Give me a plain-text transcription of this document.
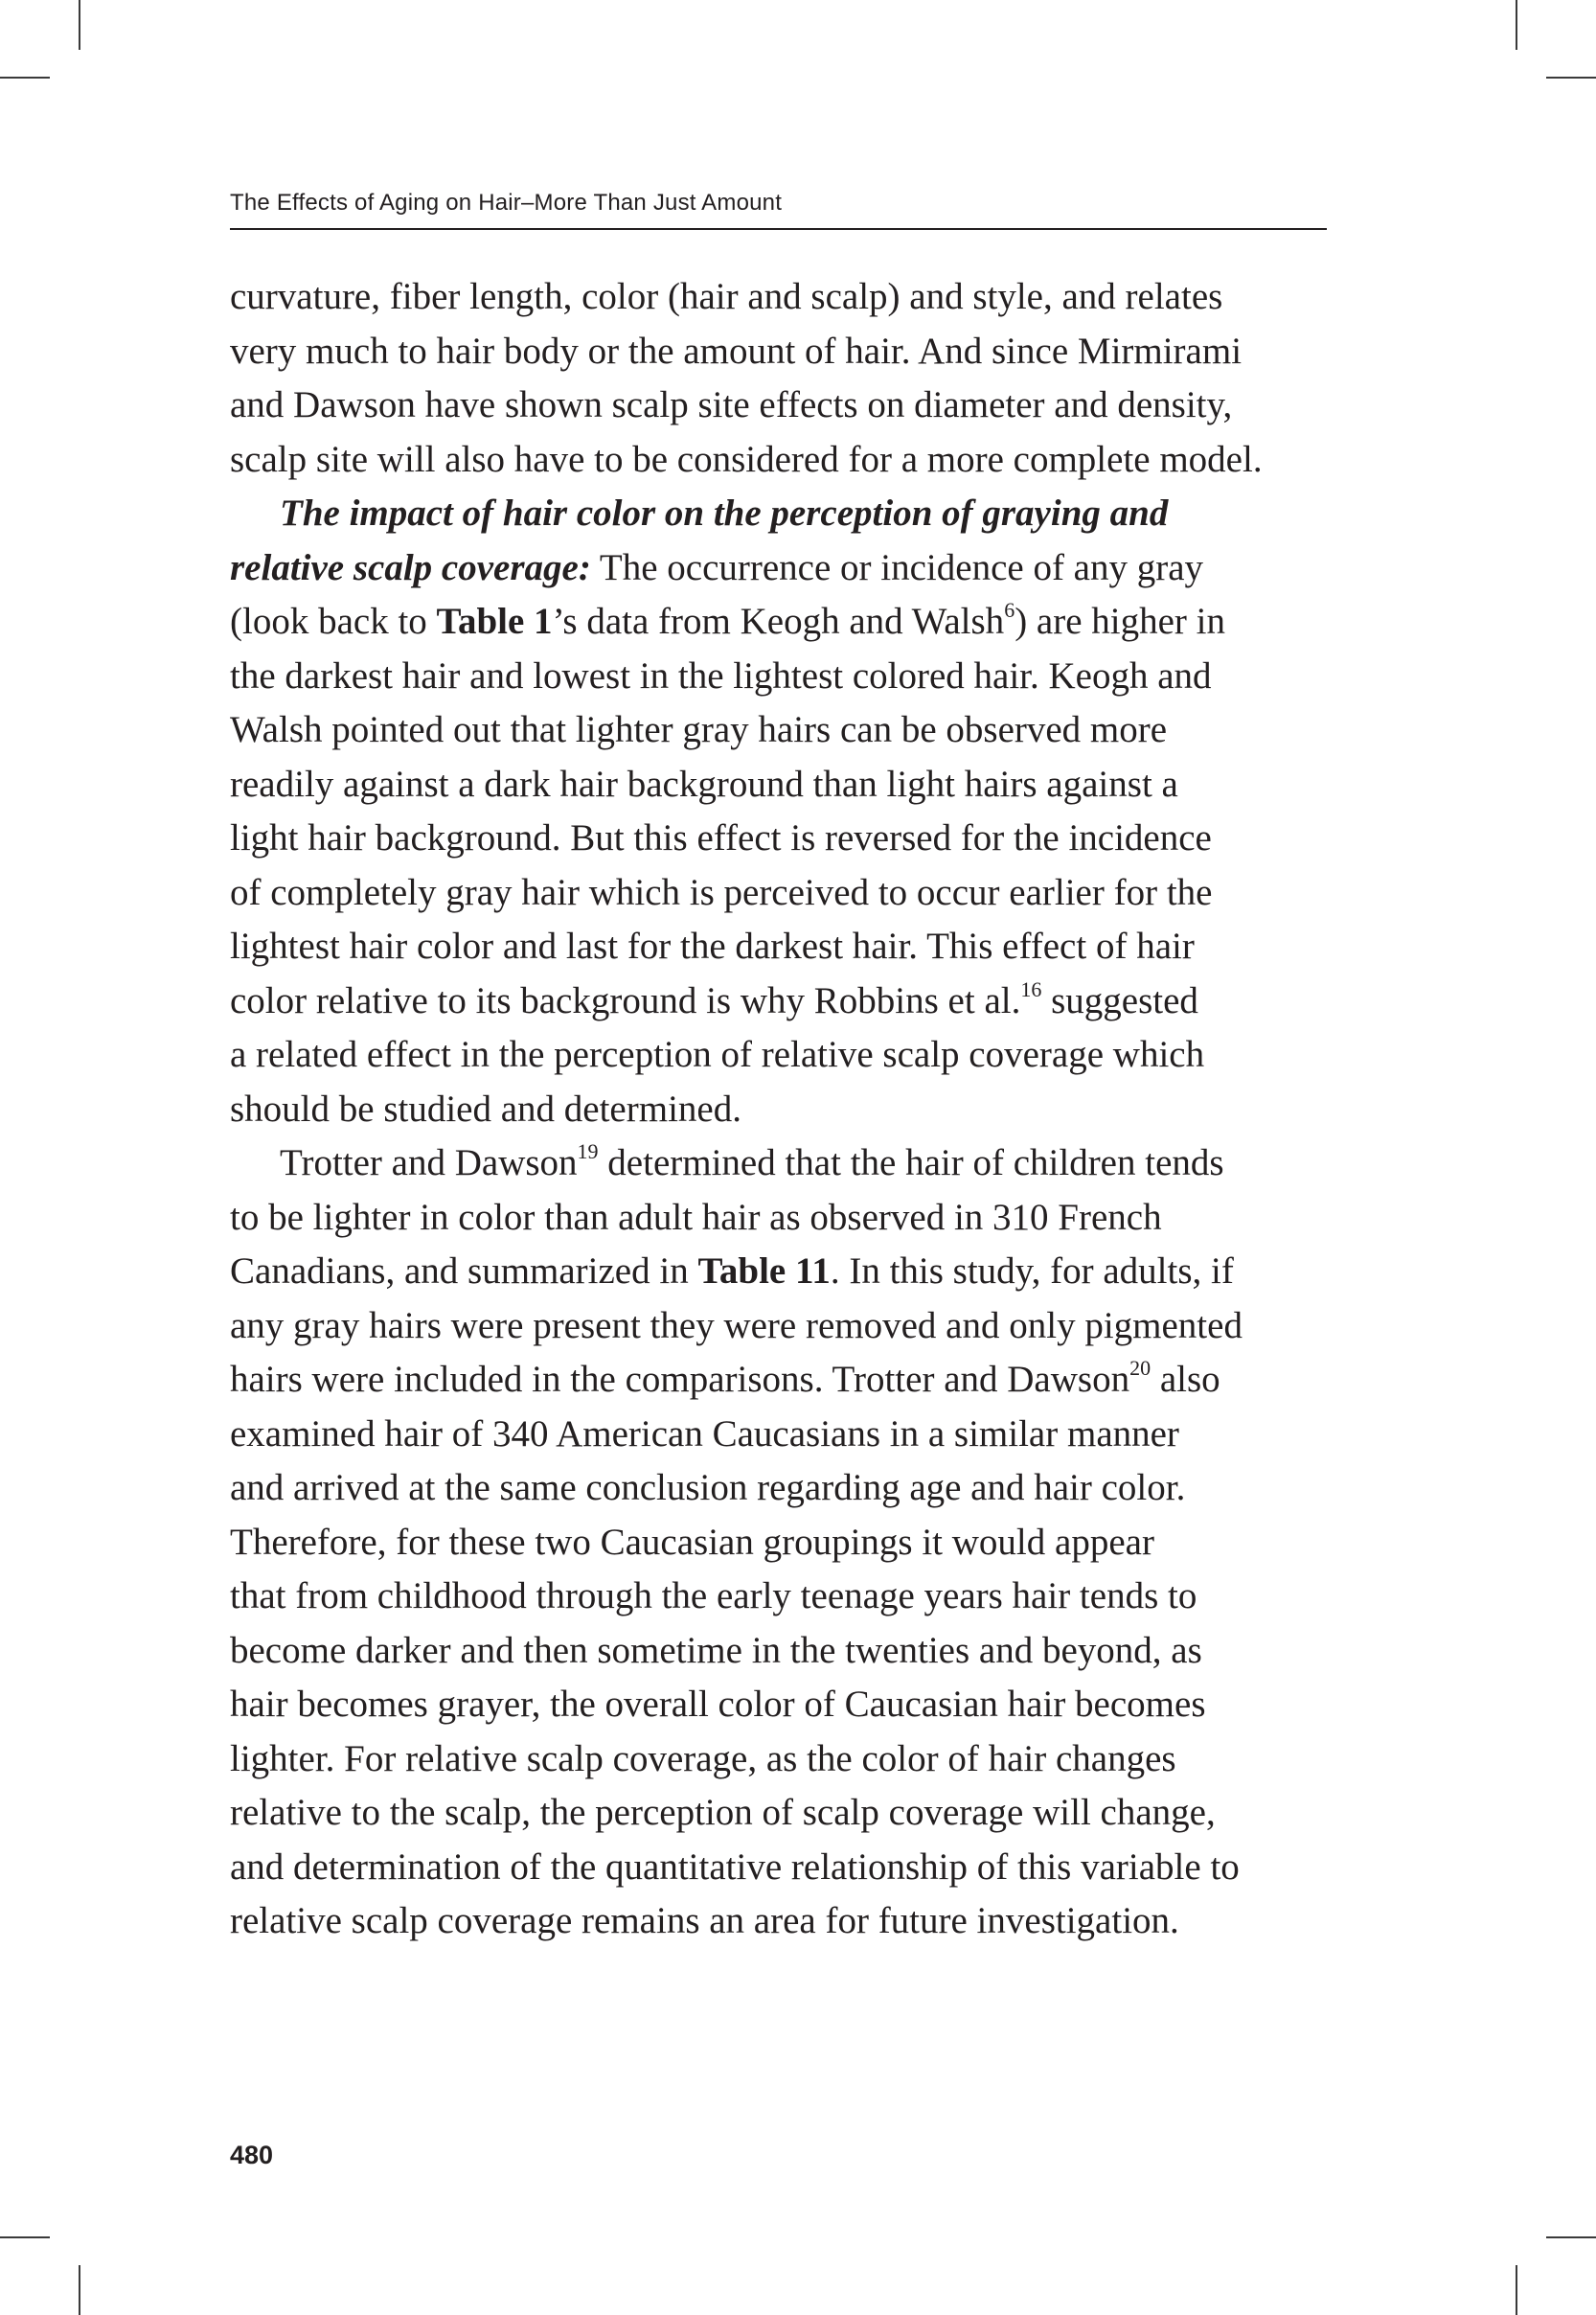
The Effects of Aging on Hair–More Than Just Amount

curvature, fiber length, color (hair and scalp) and style, and relates
very much to hair body or the amount of hair. And since Mirmirami
and Dawson have shown scalp site effects on diameter and density,
scalp site will also have to be considered for a more complete model.

The impact of hair color on the perception of graying and
relative scalp coverage: The occurrence or incidence of any gray
(look back to Table 1’s data from Keogh and Walsh$^6$) are higher in
the darkest hair and lowest in the lightest colored hair. Keogh and
Walsh pointed out that lighter gray hairs can be observed more
readily against a dark hair background than light hairs against a
light hair background. But this effect is reversed for the incidence
of completely gray hair which is perceived to occur earlier for the
lightest hair color and last for the darkest hair. This effect of hair
color relative to its background is why Robbins et al.$^{16}$ suggested
a related effect in the perception of relative scalp coverage which
should be studied and determined.

Trotter and Dawson$^{19}$ determined that the hair of children tends
to be lighter in color than adult hair as observed in 310 French
Canadians, and summarized in Table 11. In this study, for adults, if
any gray hairs were present they were removed and only pigmented
hairs were included in the comparisons. Trotter and Dawson$^{20}$ also
examined hair of 340 American Caucasians in a similar manner
and arrived at the same conclusion regarding age and hair color.
Therefore, for these two Caucasian groupings it would appear
that from childhood through the early teenage years hair tends to
become darker and then sometime in the twenties and beyond, as
hair becomes grayer, the overall color of Caucasian hair becomes
lighter. For relative scalp coverage, as the color of hair changes
relative to the scalp, the perception of scalp coverage will change,
and determination of the quantitative relationship of this variable to
relative scalp coverage remains an area for future investigation.

480
